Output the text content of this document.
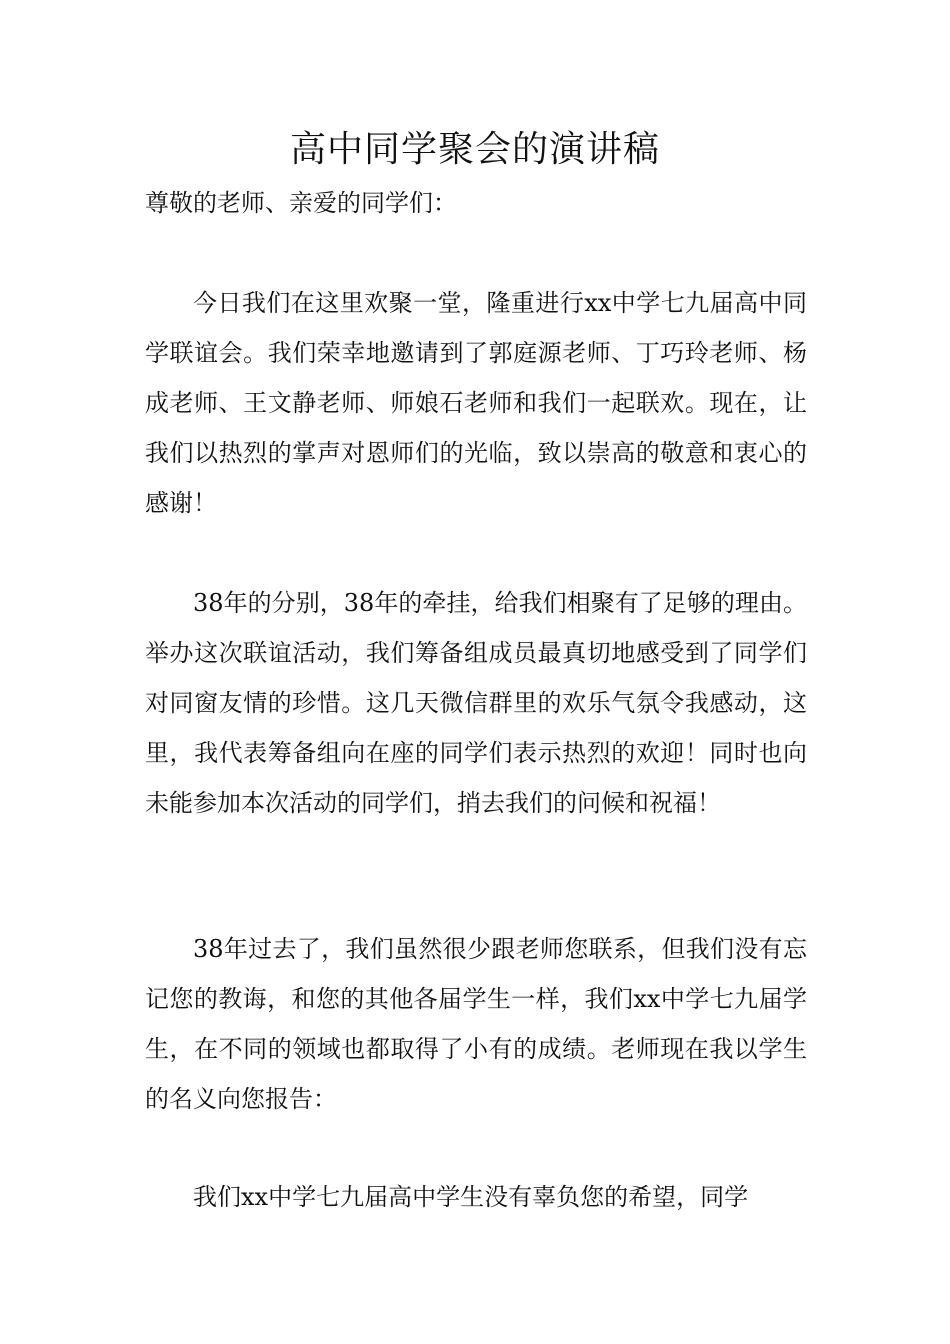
高中同学聚会的演讲稿

尊敬的老师、亲爱的同学们：

今日我们在这里欢聚一堂，隆重进行xx中学七九届高中同学联谊会。我们荣幸地邀请到了郭庭源老师、丁巧玲老师、杨成老师、王文静老师、师娘石老师和我们一起联欢。现在，让我们以热烈的掌声对恩师们的光临，致以崇高的敬意和衷心的感谢！

38年的分别，38年的牵挂，给我们相聚有了足够的理由。举办这次联谊活动，我们筹备组成员最真切地感受到了同学们对同窗友情的珍惜。这几天微信群里的欢乐气氛令我感动，这里，我代表筹备组向在座的同学们表示热烈的欢迎！同时也向未能参加本次活动的同学们，捎去我们的问候和祝福！

38年过去了，我们虽然很少跟老师您联系，但我们没有忘记您的教诲，和您的其他各届学生一样，我们xx中学七九届学生，在不同的领域也都取得了小有的成绩。老师现在我以学生的名义向您报告：

我们xx中学七九届高中学生没有辜负您的希望，同学
